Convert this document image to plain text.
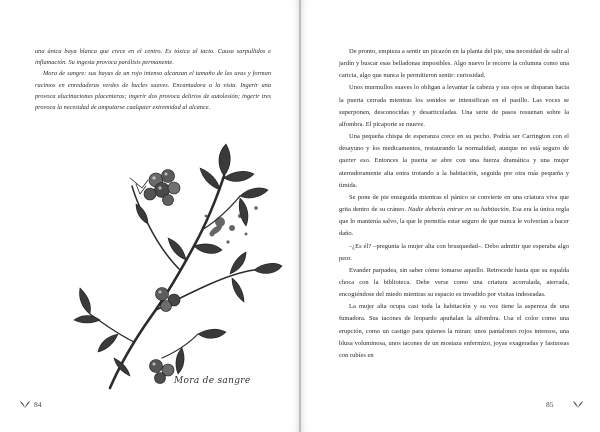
una única baya blanca que crece en el centro. Es tóxica al tacto. Causa sarpullidos e inflamación. Su ingesta provoca parálisis permanente.

Mora de sangre: sus bayas de un rojo intenso alcanzan el tamaño de las uvas y forman racimos en enredaderas verdes de bucles suaves. Encantadora a la vista. Ingerir una provoca alucinaciones placenteras; ingerir dos provoca delirios de autolesión; ingerir tres provoca la necesidad de amputarse cualquier extremidad al alcance.

Mora de sangre
84

De pronto, empieza a sentir un picazón en la planta del pie, una necesidad de salir al jardín y buscar esas belladonas imposibles. Algo nuevo le recorre la columna como una caricia, algo que nunca le permitieron sentir: curiosidad.

Unos murmullos suaves lo obligan a levantar la cabeza y sus ojos se disparan hacia la puerta cerrada mientras los sonidos se intensifican en el pasillo. Las voces se superponen, desconocidas y desarticuladas. Una serie de pasos resuenan sobre la alfombra. El picaporte se mueve.

Una pequeña chispa de esperanza crece en su pecho. Podría ser Carrington con el desayuno y los medicamentos, restaurando la normalidad, aunque no está seguro de querer eso. Entonces la puerta se abre con una fuerza dramática y una mujer aterradoramente alta entra trotando a la habitación, seguida por otra más pequeña y tímida.

Se pone de pie enseguida mientras el pánico se convierte en una criatura viva que grita dentro de su cráneo. Nadie debería entrar en su habitación. Esa era la única regla que lo mantenía salvo, la que le permitía estar seguro de que nunca le volverían a hacer daño.

–¿Es él? –pregunta la mujer alta con brusquedad–. Debo admitir que esperaba algo peor.

Evander parpadea, sin saber cómo tomarse aquello. Retrocede hasta que su espalda choca con la biblioteca. Debe verse como una criatura acorralada, aterrada, encogiéndose del miedo mientras su espacio es invadido por visitas indeseadas.

La mujer alta ocupa casi toda la habitación y su voz tiene la aspereza de una fumadora. Sus tacones de leopardo apuñalan la alfombra. Usa el color como una erupción, como un castigo para quienes la miran: unos pantalones rojos intensos, una blusa voluminosa, unos tacones de un mostaza enfermizo, joyas exageradas y fastuosas con rubíes en

85
